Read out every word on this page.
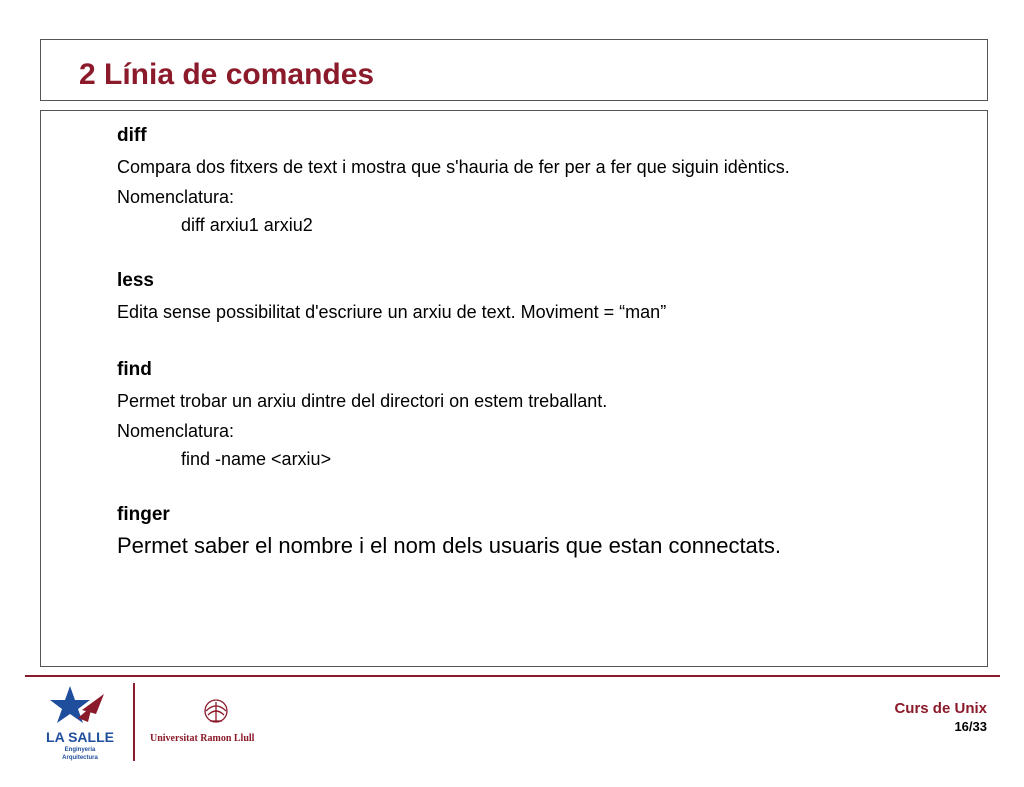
2 Línia de comandes

diff

Compara dos fitxers de text i mostra que s'hauria de fer per a fer que siguin idèntics.

Nomenclatura:

diff arxiu1 arxiu2

less

Edita sense possibilitat d'escriure un arxiu de text. Moviment = “man”

find

Permet trobar un arxiu dintre del directori on estem treballant.

Nomenclatura:

find -name <arxiu>

finger

Permet saber el nombre i el nom dels usuaris que estan connectats.

LA SALLE
Enginyeria
Arquitectura
Universitat Ramon Llull
Curs de Unix
16/33
